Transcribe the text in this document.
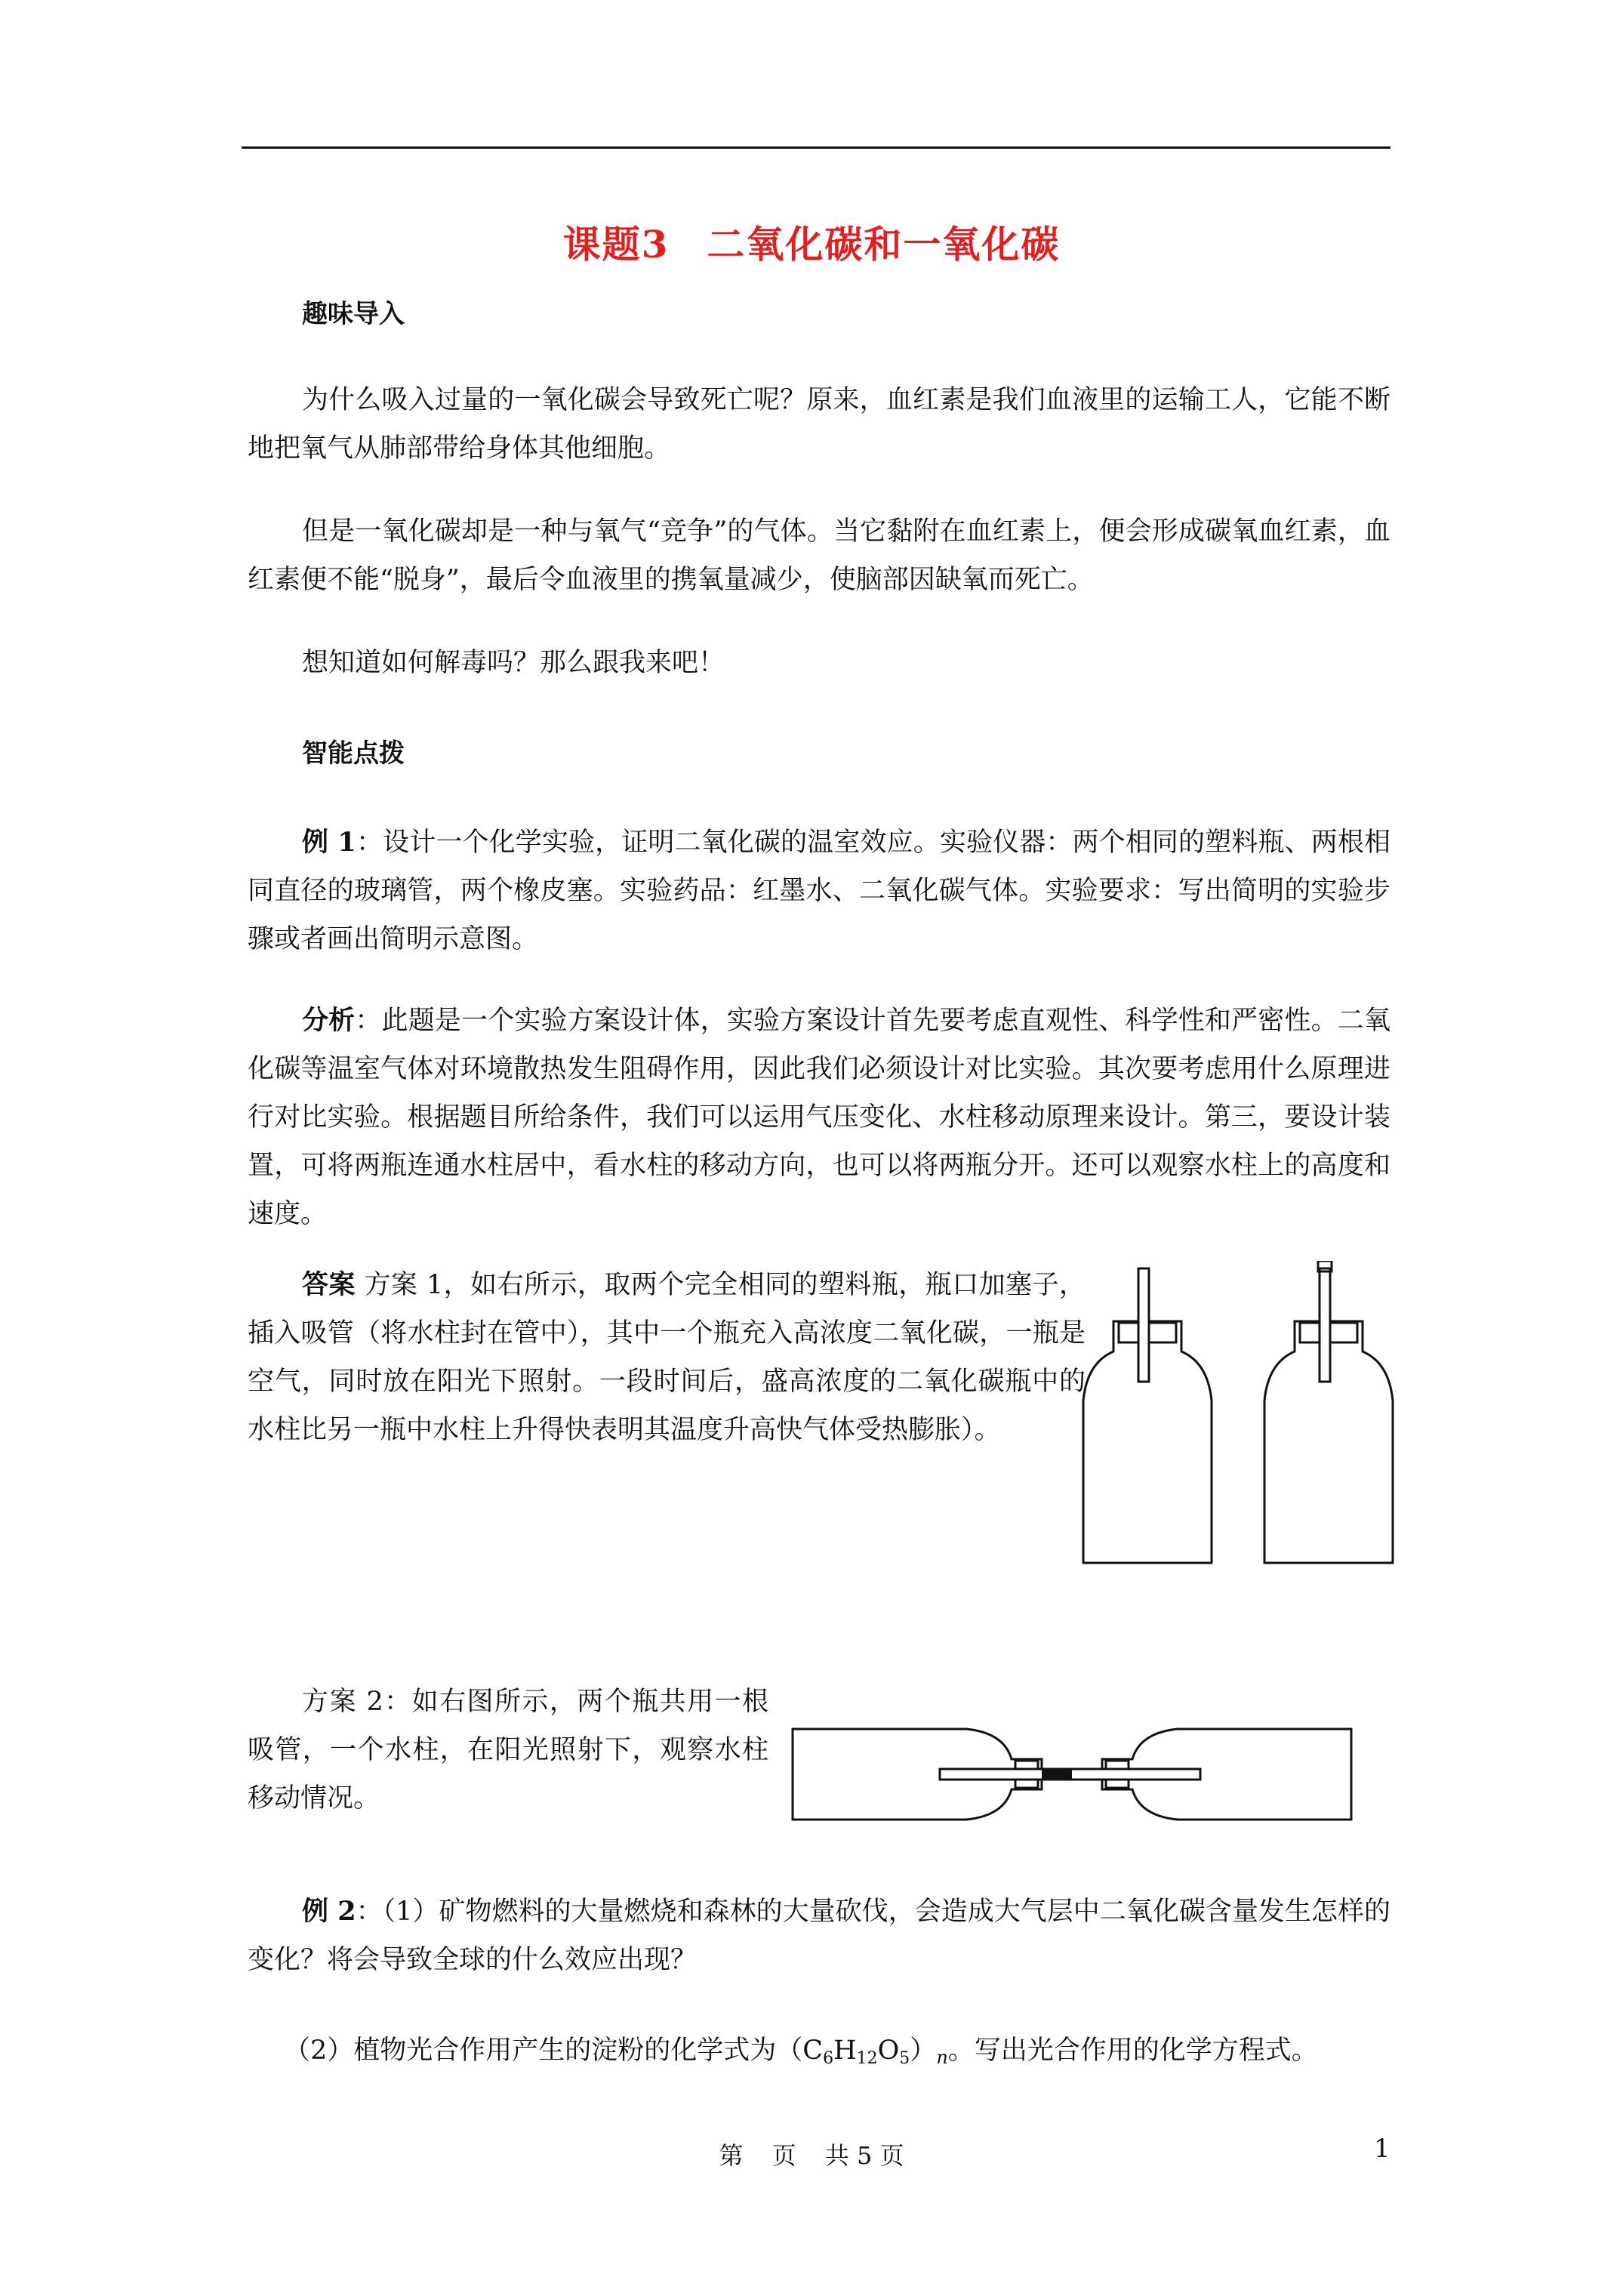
课题3 二氧化碳和一氧化碳
趣味导入
为什么吸入过量的一氧化碳会导致死亡呢？原来，血红素是我们血液里的运输工人，它能不断地把氧气从肺部带给身体其他细胞。
但是一氧化碳却是一种与氧气“竞争”的气体。当它黏附在血红素上，便会形成碳氧血红素，血红素便不能“脱身”，最后令血液里的携氧量减少，使脑部因缺氧而死亡。
想知道如何解毒吗？那么跟我来吧！
智能点拨
例 1：设计一个化学实验，证明二氧化碳的温室效应。实验仪器：两个相同的塑料瓶、两根相同直径的玻璃管，两个橡皮塞。实验药品：红墨水、二氧化碳气体。实验要求：写出简明的实验步骤或者画出简明示意图。
分析：此题是一个实验方案设计体，实验方案设计首先要考虑直观性、科学性和严密性。二氧化碳等温室气体对环境散热发生阻碍作用，因此我们必须设计对比实验。其次要考虑用什么原理进行对比实验。根据题目所给条件，我们可以运用气压变化、水柱移动原理来设计。第三，要设计装置，可将两瓶连通水柱居中，看水柱的移动方向，也可以将两瓶分开。还可以观察水柱上的高度和速度。
答案 方案 1，如右所示，取两个完全相同的塑料瓶，瓶口加塞子，插入吸管（将水柱封在管中），其中一个瓶充入高浓度二氧化碳，一瓶是空气，同时放在阳光下照射。一段时间后，盛高浓度的二氧化碳瓶中的水柱比另一瓶中水柱上升得快表明其温度升高快气体受热膨胀）。
方案 2：如右图所示，两个瓶共用一根吸管，一个水柱，在阳光照射下，观察水柱移动情况。
例 2：（1）矿物燃料的大量燃烧和森林的大量砍伐，会造成大气层中二氧化碳含量发生怎样的变化？将会导致全球的什么效应出现？
（2）植物光合作用产生的淀粉的化学式为$(C_6H_{12}O_5)n$。写出光合作用的化学方程式。
第 页 共 5 页	1
